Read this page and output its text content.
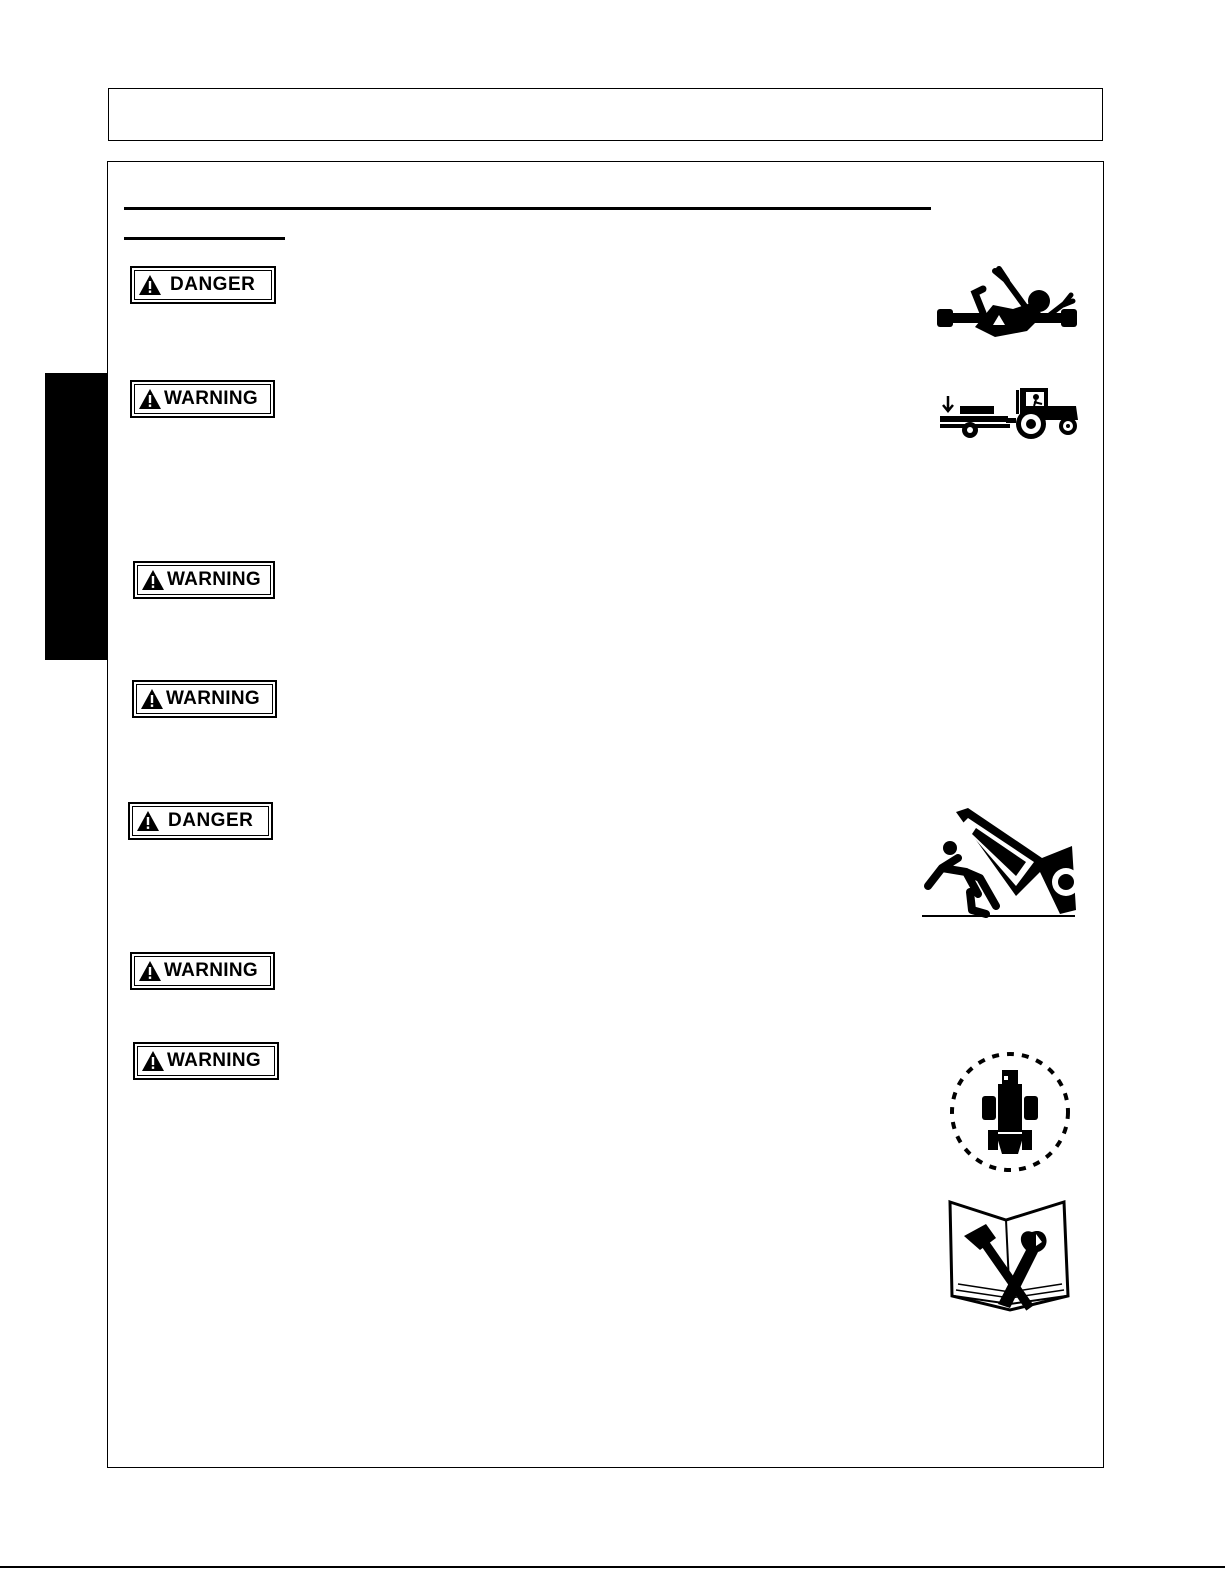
DANGER
WARNING
WARNING
WARNING
DANGER
WARNING
WARNING
